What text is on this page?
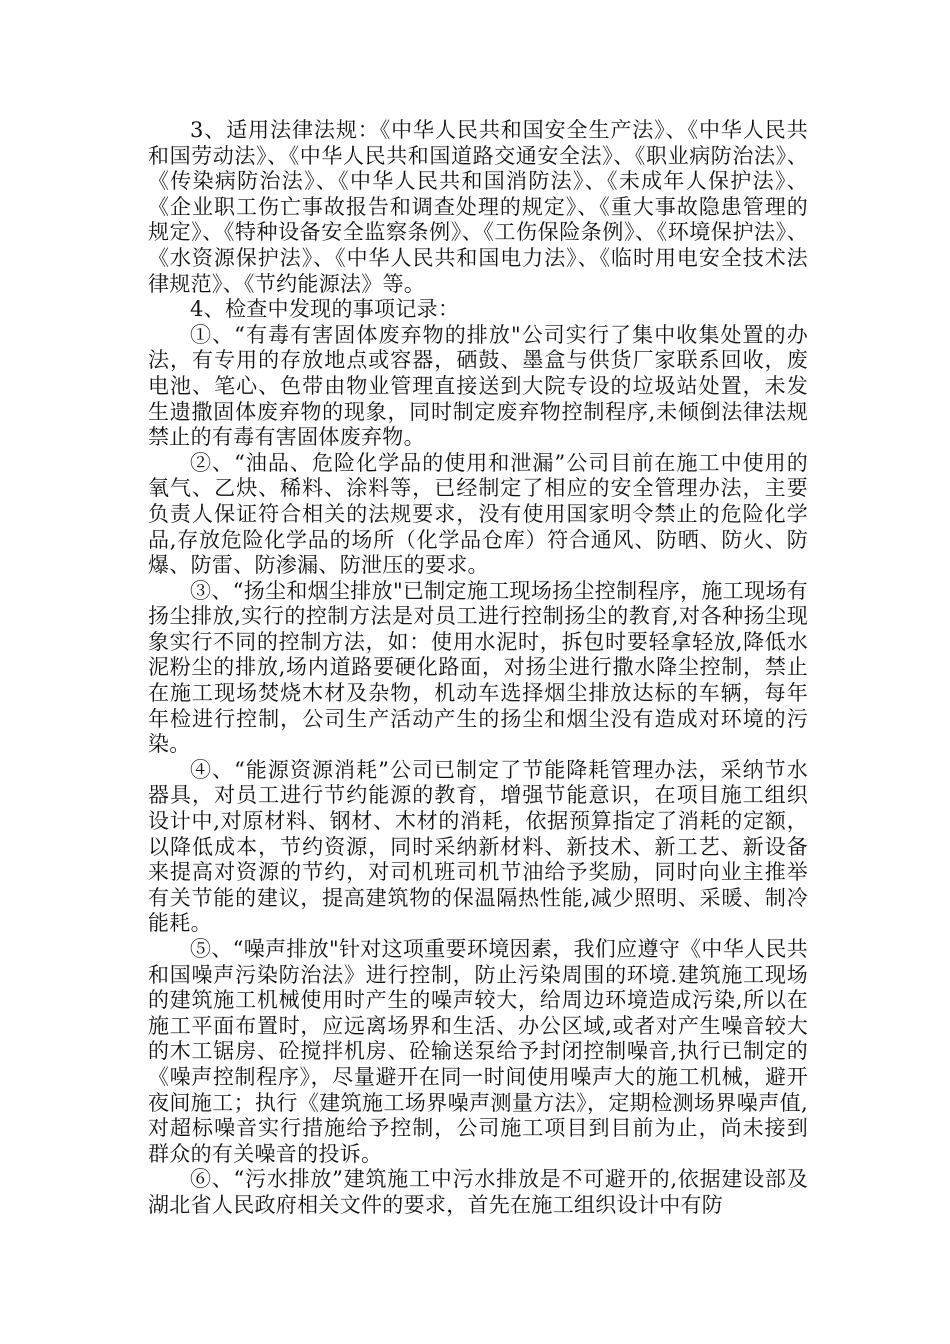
3、适用法律法规：《中华人民共和国安全生产法》、《中华人民共和国劳动法》、《中华人民共和国道路交通安全法》、《职业病防治法》、《传染病防治法》、《中华人民共和国消防法》、《未成年人保护法》、《企业职工伤亡事故报告和调查处理的规定》、《重大事故隐患管理的规定》、《特种设备安全监察条例》、《工伤保险条例》、《环境保护法》、《水资源保护法》、《中华人民共和国电力法》、《临时用电安全技术法律规范》、《节约能源法》等。

4、检查中发现的事项记录：

①、“有毒有害固体废弃物的排放"公司实行了集中收集处置的办法，有专用的存放地点或容器，硒鼓、墨盒与供货厂家联系回收，废电池、笔心、色带由物业管理直接送到大院专设的垃圾站处置，未发生遗撒固体废弃物的现象，同时制定废弃物控制程序,未倾倒法律法规禁止的有毒有害固体废弃物。

②、“油品、危险化学品的使用和泄漏”公司目前在施工中使用的氧气、乙炔、稀料、涂料等，已经制定了相应的安全管理办法，主要负责人保证符合相关的法规要求，没有使用国家明令禁止的危险化学品,存放危险化学品的场所（化学品仓库）符合通风、防晒、防火、防爆、防雷、防渗漏、防泄压的要求。

③、“扬尘和烟尘排放"已制定施工现场扬尘控制程序，施工现场有扬尘排放,实行的控制方法是对员工进行控制扬尘的教育,对各种扬尘现象实行不同的控制方法，如：使用水泥时，拆包时要轻拿轻放,降低水泥粉尘的排放,场内道路要硬化路面，对扬尘进行撒水降尘控制，禁止在施工现场焚烧木材及杂物，机动车选择烟尘排放达标的车辆，每年年检进行控制，公司生产活动产生的扬尘和烟尘没有造成对环境的污染。

④、“能源资源消耗”公司已制定了节能降耗管理办法，采纳节水器具，对员工进行节约能源的教育，增强节能意识，在项目施工组织设计中,对原材料、钢材、木材的消耗，依据预算指定了消耗的定额，以降低成本，节约资源，同时采纳新材料、新技术、新工艺、新设备来提高对资源的节约，对司机班司机节油给予奖励，同时向业主推举有关节能的建议，提高建筑物的保温隔热性能,减少照明、采暖、制冷能耗。

⑤、“噪声排放"针对这项重要环境因素，我们应遵守《中华人民共和国噪声污染防治法》进行控制，防止污染周围的环境.建筑施工现场的建筑施工机械使用时产生的噪声较大，给周边环境造成污染,所以在施工平面布置时，应远离场界和生活、办公区域,或者对产生噪音较大的木工锯房、砼搅拌机房、砼输送泵给予封闭控制噪音,执行已制定的《噪声控制程序》，尽量避开在同一时间使用噪声大的施工机械，避开夜间施工；执行《建筑施工场界噪声测量方法》，定期检测场界噪声值,对超标噪音实行措施给予控制，公司施工项目到目前为止，尚未接到群众的有关噪音的投诉。

⑥、“污水排放”建筑施工中污水排放是不可避开的,依据建设部及湖北省人民政府相关文件的要求，首先在施工组织设计中有防
